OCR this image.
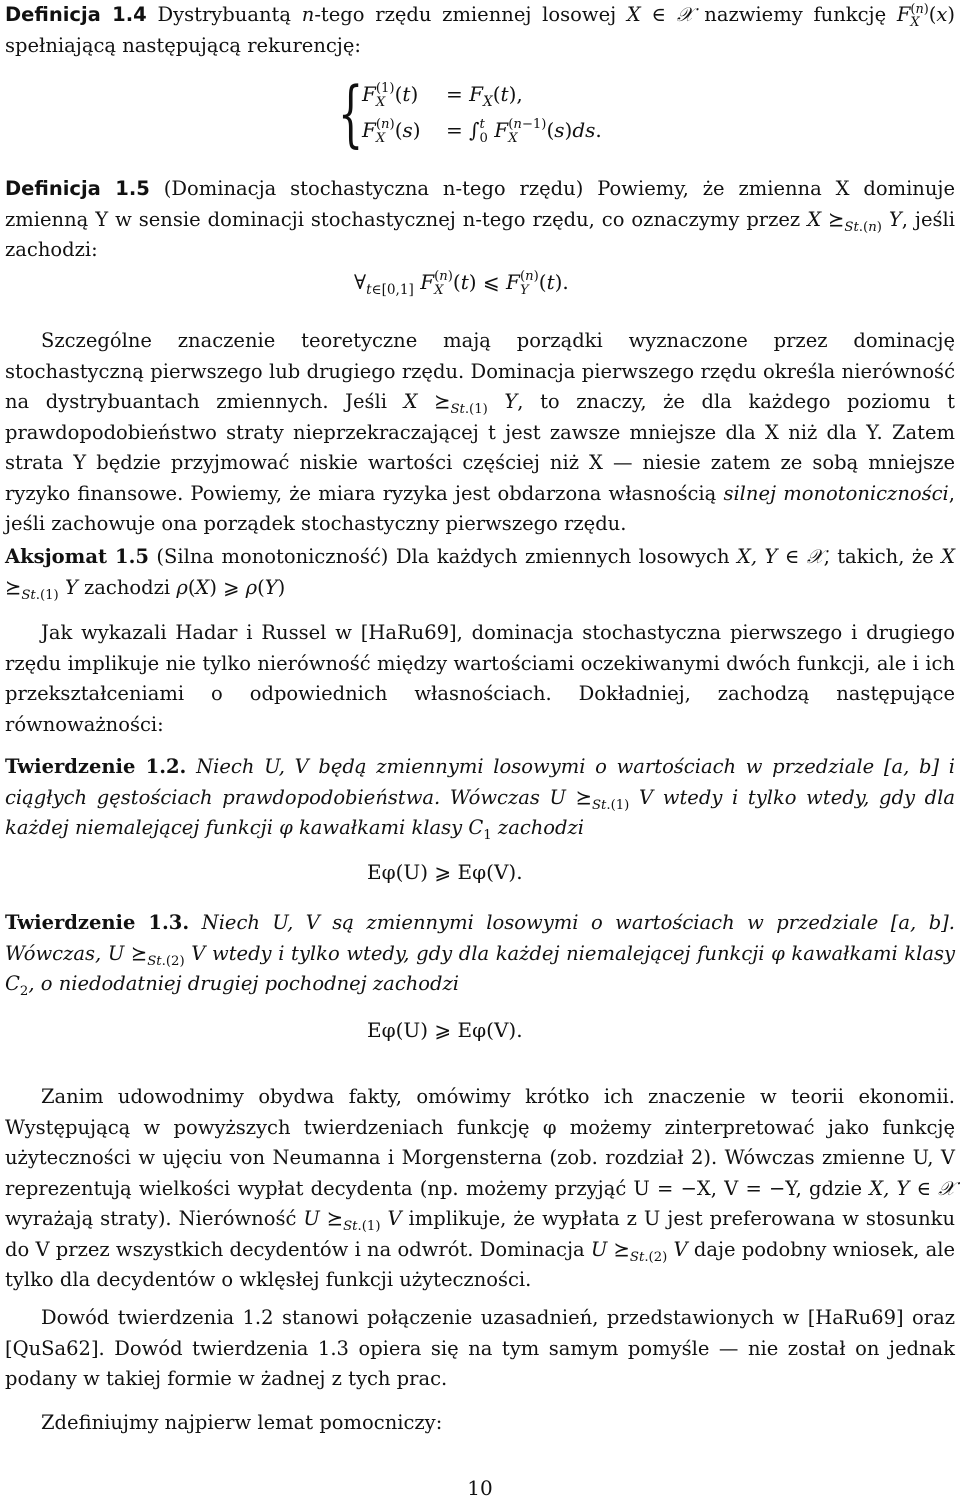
Definicja 1.4 Dystrybuantą n-tego rzędu zmiennej losowej X ∈ 𝒳 nazwiemy funkcję F (n)
X (x) spełniającą następującą rekurencję:

{
F (1)
X $(t) = F_X(t)$,
F (n)
X (s) = ∫ t
0 F (n−1)
X	(s)ds.

Definicja 1.5 (Dominacja stochastyczna n-tego rzędu) Powiemy, że zmienna X dominuje zmienną Y w sensie dominacji stochastycznej n-tego rzędu, co oznaczymy przez X $⪰_{St.(n)}$ Y, jeśli zachodzi:

$\forall_{t\in[0,1]}$ F (n)
X (t) ⩽ F (n)
Y (t).

Szczególne znaczenie teoretyczne mają porządki wyznaczone przez dominację stochastyczną pierwszego lub drugiego rzędu. Dominacja pierwszego rzędu określa nierówność na dystrybuantach zmiennych. Jeśli X $⪰_{St.(1)}$ Y, to znaczy, że dla każdego poziomu t prawdopodobieństwo straty nieprzekraczającej t jest zawsze mniejsze dla X niż dla Y. Zatem strata Y będzie przyjmować niskie wartości częściej niż X — niesie zatem ze sobą mniejsze ryzyko finansowe. Powiemy, że miara ryzyka jest obdarzona własnością silnej monotoniczności, jeśli zachowuje ona porządek stochastyczny pierwszego rzędu.

Aksjomat 1.5 (Silna monotoniczność) Dla każdych zmiennych losowych X, Y ∈ 𝒳, takich, że X $⪰_{St.(1)}$ Y zachodzi ρ(X) ⩾ ρ(Y)

Jak wykazali Hadar i Russel w [HaRu69], dominacja stochastyczna pierwszego i drugiego rzędu implikuje nie tylko nierówność między wartościami oczekiwanymi dwóch funkcji, ale i ich przekształceniami o odpowiednich własnościach. Dokładniej, zachodzą następujące równoważności:

Twierdzenie 1.2. Niech U, V będą zmiennymi losowymi o wartościach w przedziale [a, b] i ciągłych gęstościach prawdopodobieństwa. Wówczas U $⪰_{St.(1)}$ V wtedy i tylko wtedy, gdy dla każdej niemalejącej funkcji φ kawałkami klasy $C_1$ zachodzi

Eφ(U) ⩾ Eφ(V).

Twierdzenie 1.3. Niech U, V są zmiennymi losowymi o wartościach w przedziale [a, b]. Wówczas, U $⪰_{St.(2)}$ V wtedy i tylko wtedy, gdy dla każdej niemalejącej funkcji φ kawałkami klasy $C_2$, o niedodatniej drugiej pochodnej zachodzi

Eφ(U) ⩾ Eφ(V).

Zanim udowodnimy obydwa fakty, omówimy krótko ich znaczenie w teorii ekonomii. Występującą w powyższych twierdzeniach funkcję φ możemy zinterpretować jako funkcję użyteczności w ujęciu von Neumanna i Morgensterna (zob. rozdział 2). Wówczas zmienne U, V reprezentują wielkości wypłat decydenta (np. możemy przyjąć U = −X, V = −Y, gdzie X, Y ∈ 𝒳 wyrażają straty). Nierówność U $⪰_{St.(1)}$ V implikuje, że wypłata z U jest preferowana w stosunku do V przez wszystkich decydentów i na odwrót. Dominacja U $⪰_{St.(2)}$ V daje podobny wniosek, ale tylko dla decydentów o wklęsłej funkcji użyteczności.

Dowód twierdzenia 1.2 stanowi połączenie uzasadnień, przedstawionych w [HaRu69] oraz [QuSa62]. Dowód twierdzenia 1.3 opiera się na tym samym pomyśle — nie został on jednak podany w takiej formie w żadnej z tych prac.

Zdefiniujmy najpierw lemat pomocniczy:

10
